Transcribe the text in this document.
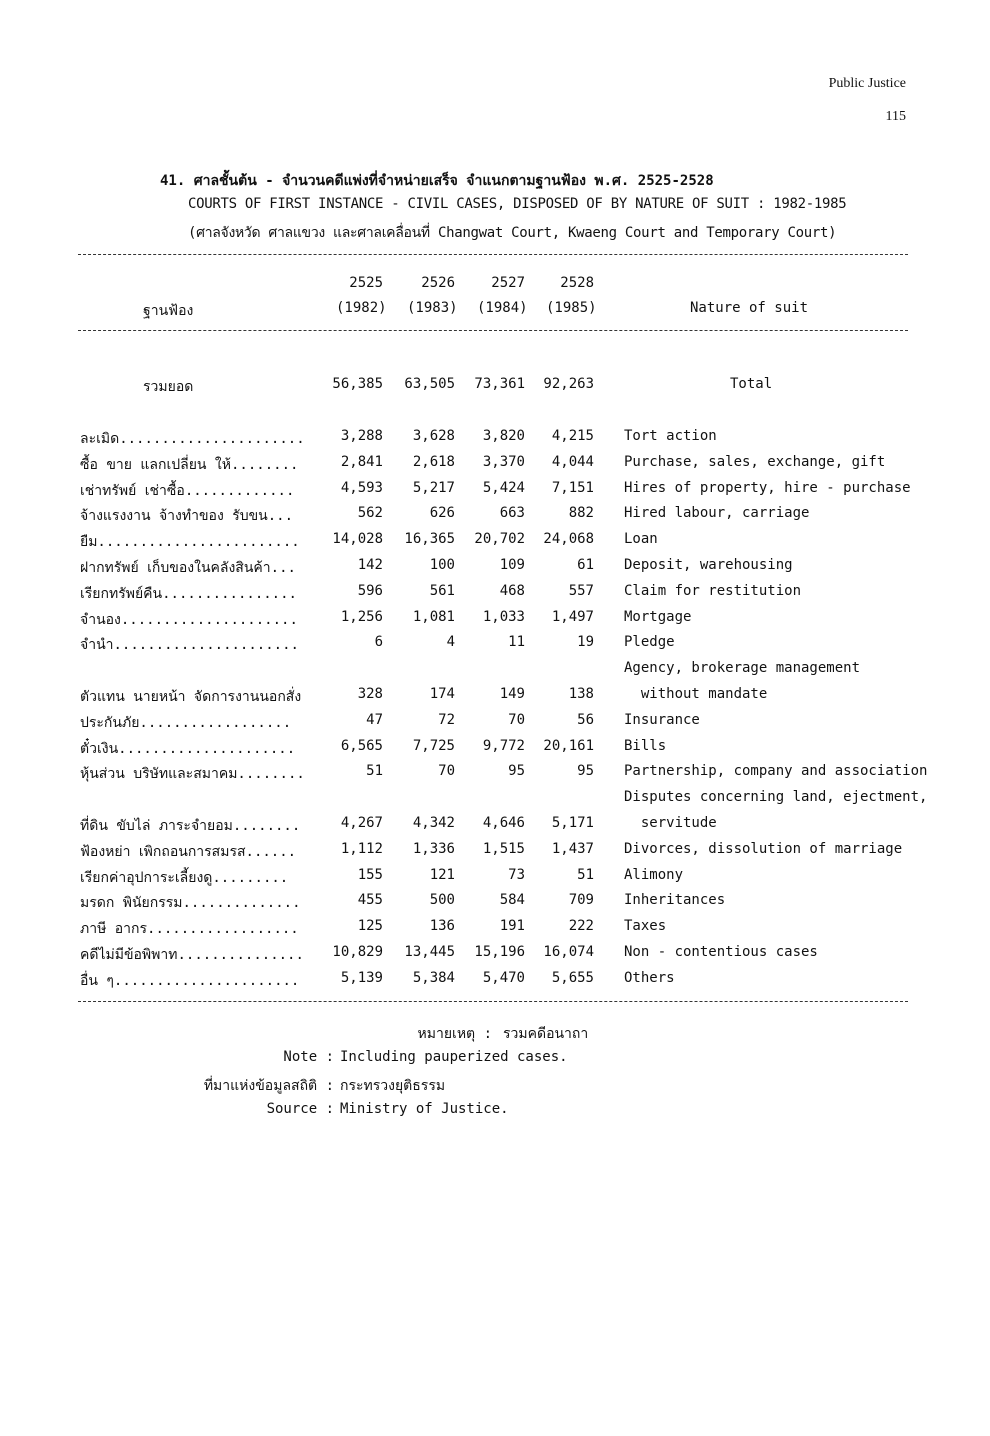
Public Justice
115
41. ศาลชั้นต้น - จำนวนคดีแพ่งที่จำหน่ายเสร็จ จำแนกตามฐานฟ้อง พ.ศ. 2525-2528
COURTS OF FIRST INSTANCE - CIVIL CASES, DISPOSED OF BY NATURE OF SUIT : 1982-1985
(ศาลจังหวัด ศาลแขวง และศาลเคลื่อนที่ Changwat Court, Kwaeng Court and Temporary Court)
2525	2526	2527	2528
(1982) (1983) (1984) (1985)
ฐานฟ้อง	Nature of suit
รวมยอด	56,385	63,505	73,361	92,263	Total
ละเมิด......................	3,288	3,628	3,820	4,215 Tort action
ซื้อ ขาย แลกเปลี่ยน ให้........	2,841	2,618	3,370	4,044 Purchase, sales, exchange, gift
เช่าทรัพย์ เช่าซื้อ.............	4,593	5,217	5,424	7,151 Hires of property, hire - purchase
จ้างแรงงาน จ้างทำของ รับขน...	562	626	663	882 Hired labour, carriage
ยืม........................	14,028	16,365	20,702	24,068 Loan
ฝากทรัพย์ เก็บของในคลังสินค้า...	142	100	109	61 Deposit, warehousing
เรียกทรัพย์คืน................	596	561	468	557 Claim for restitution
จำนอง.....................	1,256	1,081	1,033	1,497 Mortgage
จำนำ......................	6	4	11	19 Pledge
Agency, brokerage management
ตัวแทน นายหน้า จัดการงานนอกสั่ง	328	174	149	138 without mandate
ประกันภัย..................	47	72	70	56 Insurance
ตั๋วเงิน.....................	6,565	7,725	9,772	20,161 Bills
หุ้นส่วน บริษัทและสมาคม........	51	70	95	95 Partnership, company and association
Disputes concerning land, ejectment,
ที่ดิน ขับไล่ ภาระจำยอม........	4,267	4,342	4,646	5,171 servitude
ฟ้องหย่า เพิกถอนการสมรส......	1,112	1,336	1,515	1,437 Divorces, dissolution of marriage
เรียกค่าอุปการะเลี้ยงดู.........	155	121	73	51 Alimony
มรดก พินัยกรรม..............	455	500	584	709 Inheritances
ภาษี อากร..................	125	136	191	222 Taxes
คดีไม่มีข้อพิพาท...............	10,829	13,445	15,196	16,074 Non - contentious cases
อื่น ๆ......................	5,139	5,384	5,470	5,655 Others
หมายเหตุ : รวมคดีอนาถา
Note : Including pauperized cases.
ที่มาแห่งข้อมูลสถิติ : กระทรวงยุติธรรม
Source : Ministry of Justice.
